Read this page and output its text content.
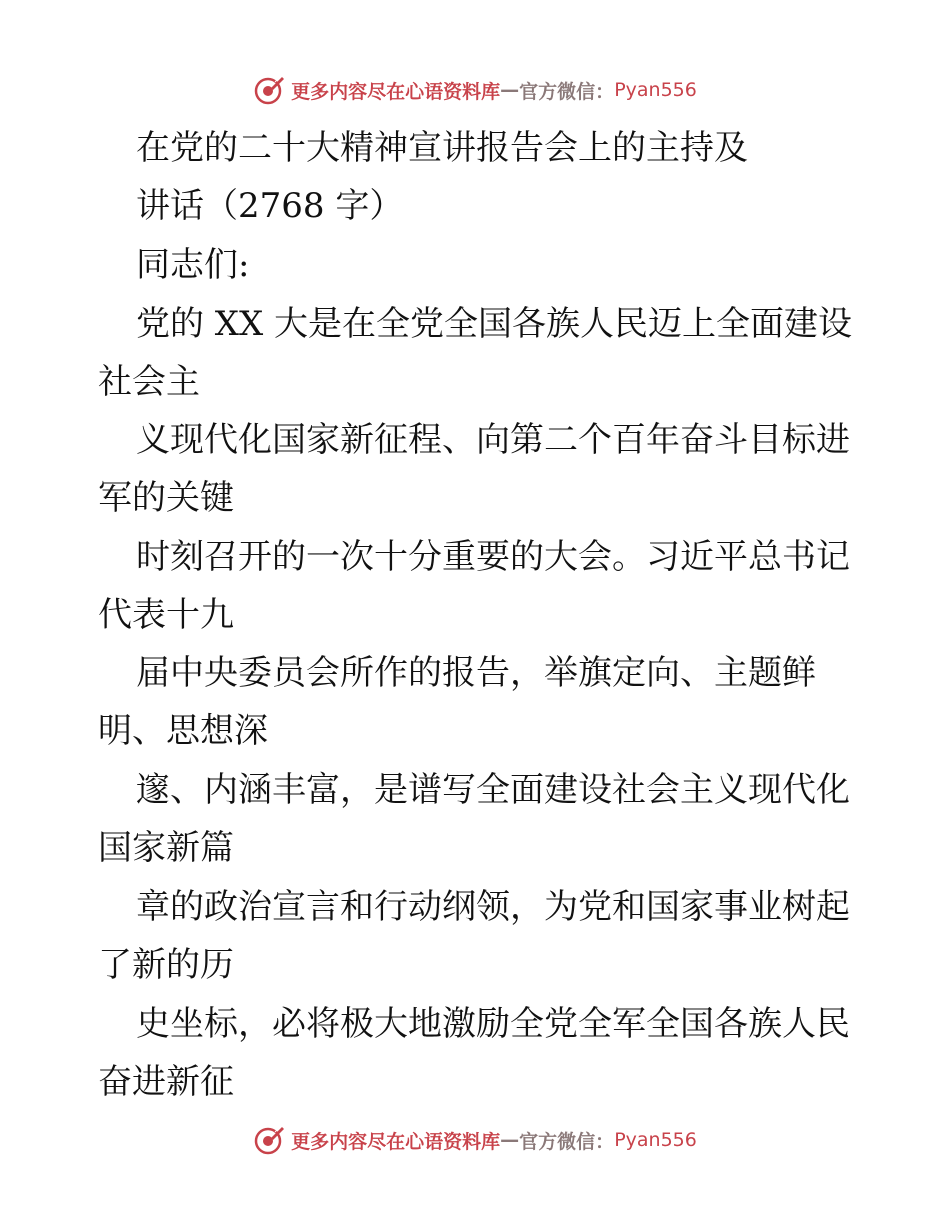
更多内容尽在心语资料库 — 官方微信： Pyan556
在党的二十大精神宣讲报告会上的主持及
讲话（2768 字）
同志们:
党的 XX 大是在全党全国各族人民迈上全面建设
社会主
义现代化国家新征程、向第二个百年奋斗目标进
军的关键
时刻召开的一次十分重要的大会。习近平总书记
代表十九
届中央委员会所作的报告，举旗定向、主题鲜
明、思想深
邃、内涵丰富，是谱写全面建设社会主义现代化
国家新篇
章的政治宣言和行动纲领，为党和国家事业树起
了新的历
史坐标，必将极大地激励全党全军全国各族人民
奋进新征
更多内容尽在心语资料库 — 官方微信： Pyan556
